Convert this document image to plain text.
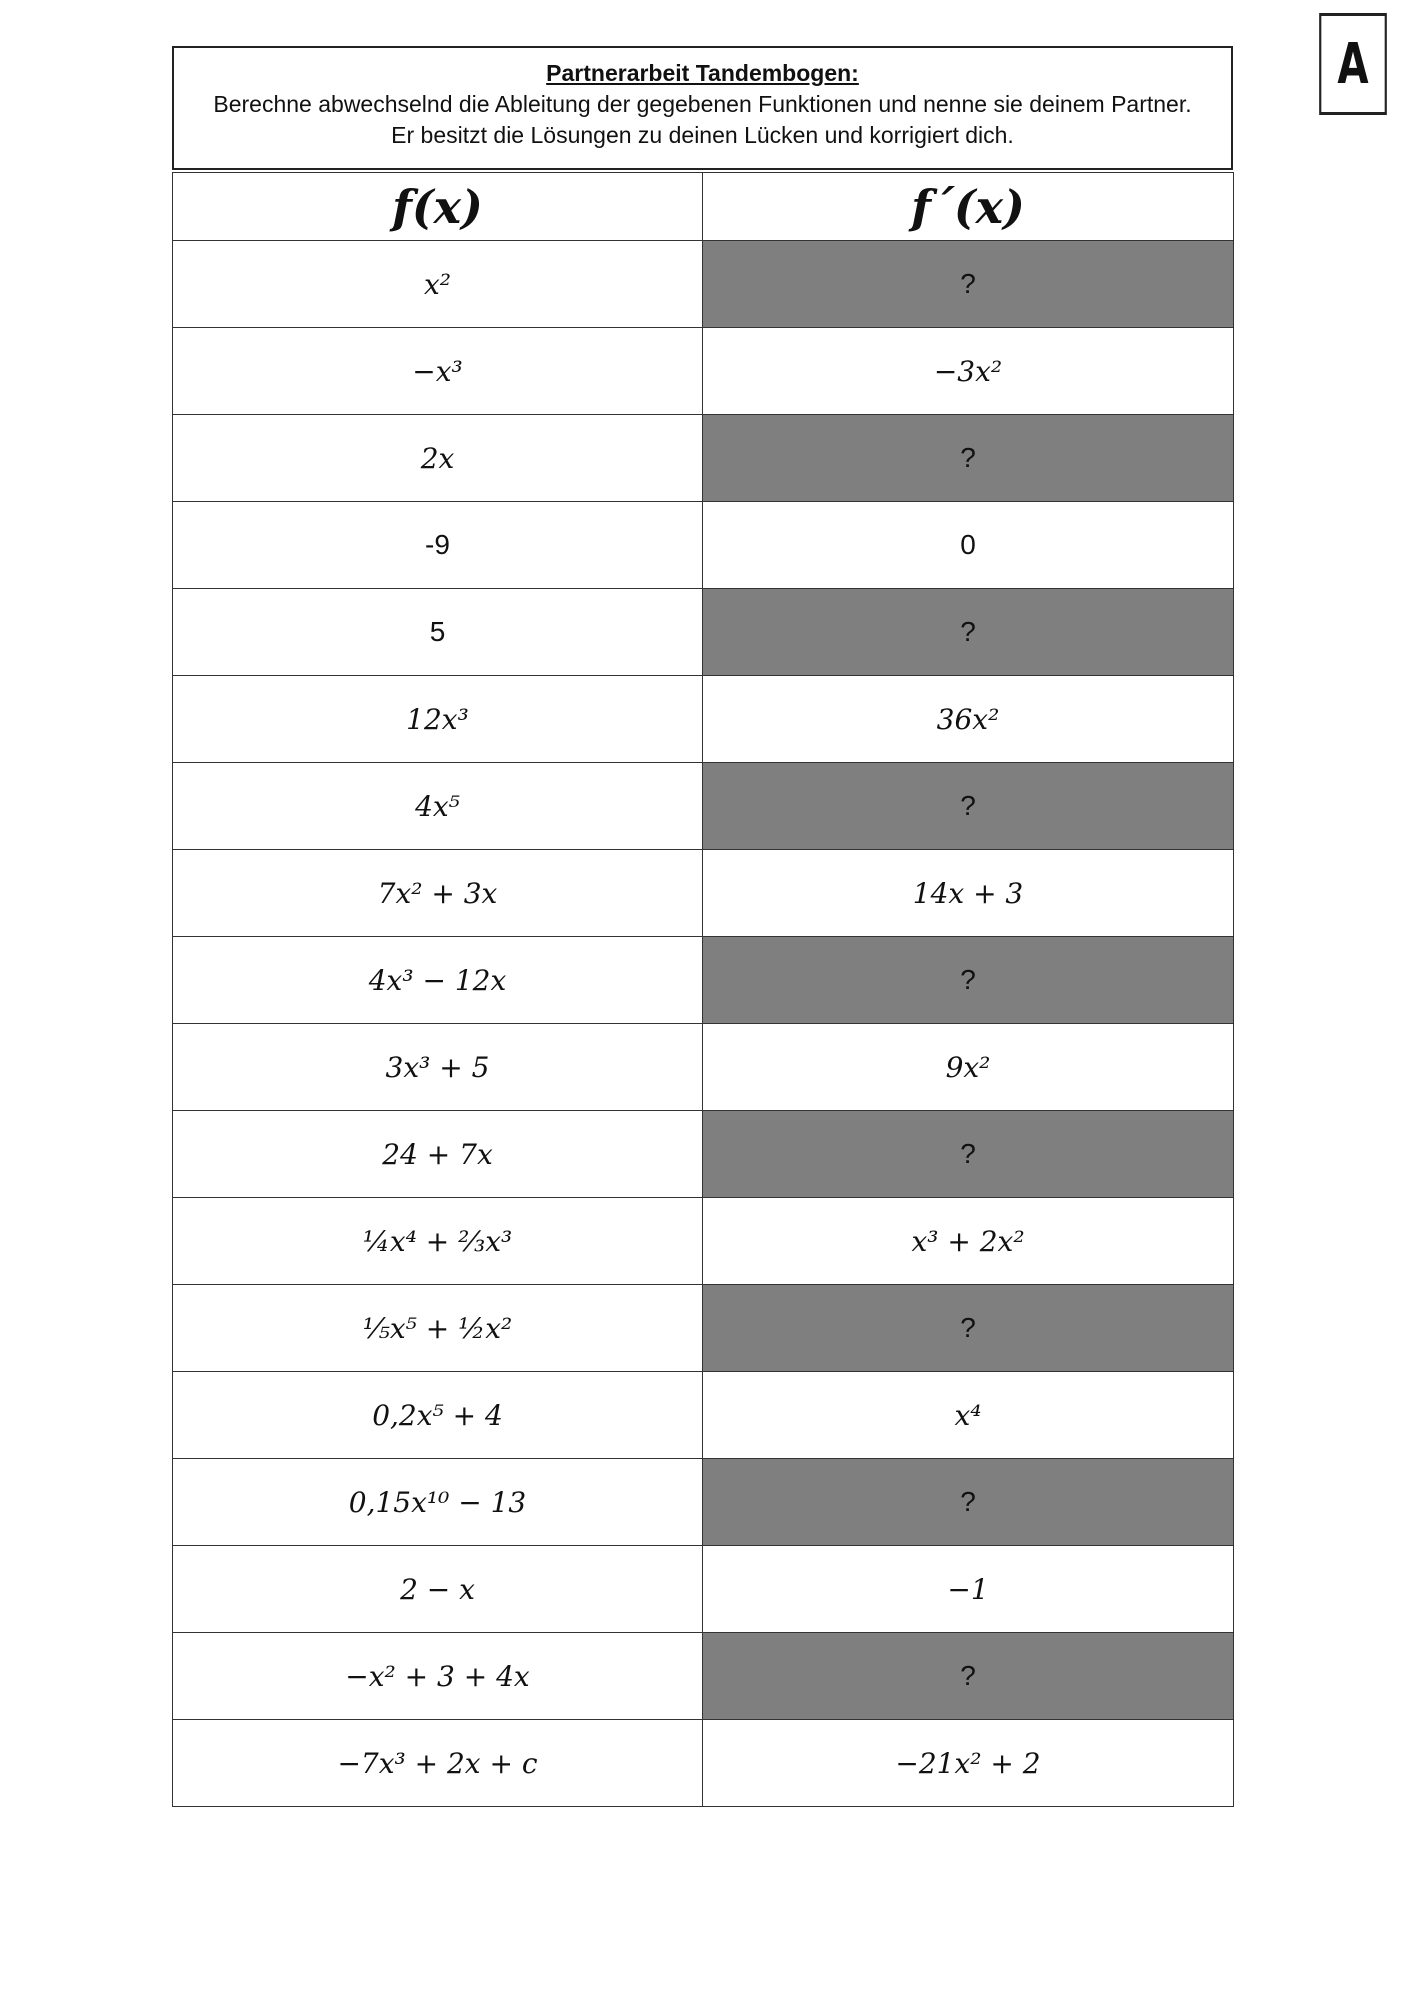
A
Partnerarbeit Tandembogen:
Berechne abwechselnd die Ableitung der gegebenen Funktionen und nenne sie deinem Partner.
Er besitzt die Lösungen zu deinen Lücken und korrigiert dich.
f(x)	f´(x)
x²	?
−x³	−3x²
2x	?
-9	0
5	?
12x³	36x²
4x⁵	?
7x² + 3x	14x + 3
4x³ − 12x	?
3x³ + 5	9x²
24 + 7x	?
¼x⁴ + ⅔x³	x³ + 2x²
⅕x⁵ + ½x²	?
0,2x⁵ + 4	x⁴
0,15x¹⁰ − 13	?
2 − x	−1
−x² + 3 + 4x	?
−7x³ + 2x + c	−21x² + 2
